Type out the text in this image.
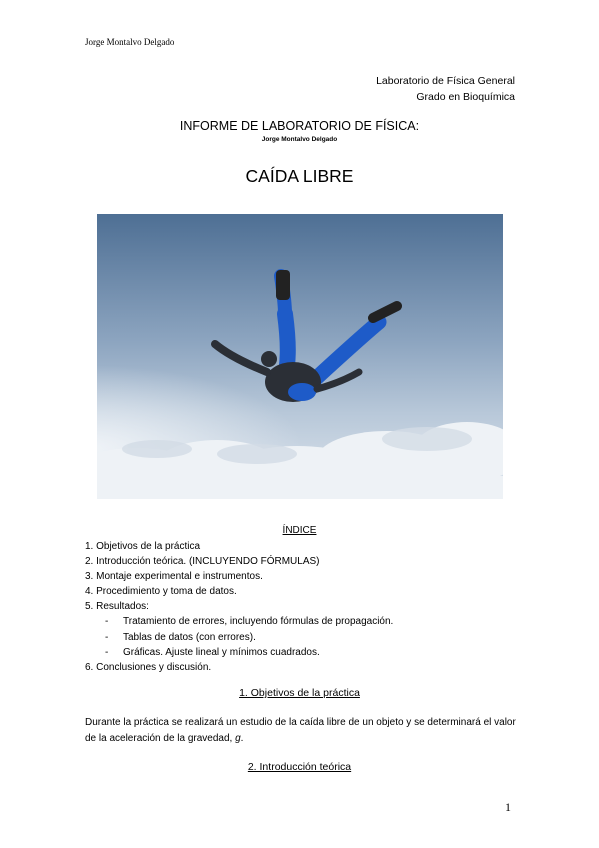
Jorge Montalvo Delgado
Laboratorio de Física General
Grado en Bioquímica
INFORME DE LABORATORIO DE FÍSICA:
Jorge Montalvo Delgado
CAÍDA LIBRE
ÍNDICE
1. Objetivos de la práctica
2. Introducción teórica. (INCLUYENDO FÓRMULAS)
3. Montaje experimental e instrumentos.
4. Procedimiento y toma de datos.
5. Resultados:
- Tratamiento de errores, incluyendo fórmulas de propagación.
- Tablas de datos (con errores).
- Gráficas. Ajuste lineal y mínimos cuadrados.
6. Conclusiones y discusión.
1. Objetivos de la práctica
Durante la práctica se realizará un estudio de la caída libre de un objeto y se determinará el valor de la aceleración de la gravedad, g.
2. Introducción teórica
1
